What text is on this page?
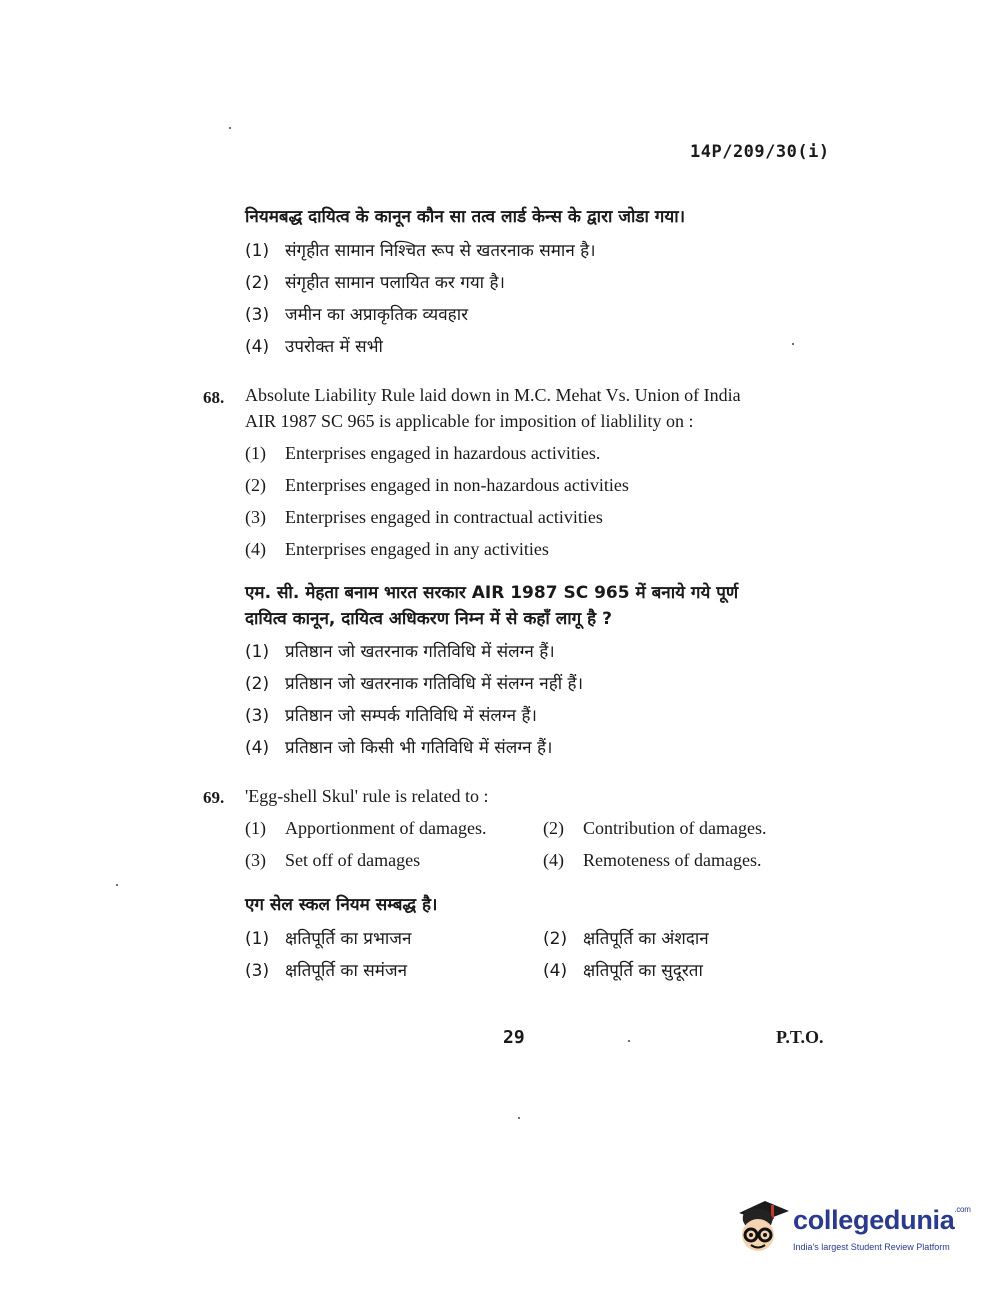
14P/209/30(i)
नियमबद्ध दायित्व के कानून कौन सा तत्व लार्ड केन्स के द्वारा जोडा गया।
(1) संगृहीत सामान निश्चित रूप से खतरनाक समान है।
(2) संगृहीत सामान पलायित कर गया है।
(3) जमीन का अप्राकृतिक व्यवहार
(4) उपरोक्त में सभी
68. Absolute Liability Rule laid down in M.C. Mehat Vs. Union of India
AIR 1987 SC 965 is applicable for imposition of liablility on :
(1) Enterprises engaged in hazardous activities.
(2) Enterprises engaged in non-hazardous activities
(3) Enterprises engaged in contractual activities
(4) Enterprises engaged in any activities
एम. सी. मेहता बनाम भारत सरकार AIR 1987 SC 965 में बनाये गये पूर्ण
दायित्व कानून, दायित्व अधिकरण निम्न में से कहाँ लागू है ?
(1) प्रतिष्ठान जो खतरनाक गतिविधि में संलग्न हैं।
(2) प्रतिष्ठान जो खतरनाक गतिविधि में संलग्न नहीं हैं।
(3) प्रतिष्ठान जो सम्पर्क गतिविधि में संलग्न हैं।
(4) प्रतिष्ठान जो किसी भी गतिविधि में संलग्न हैं।
69. 'Egg-shell Skul' rule is related to :
(1) Apportionment of damages.	(2) Contribution of damages.
(3) Set off of damages	(4) Remoteness of damages.
एग सेल स्कल नियम सम्बद्ध है।
(1) क्षतिपूर्ति का प्रभाजन	(2) क्षतिपूर्ति का अंशदान
(3) क्षतिपूर्ति का समंजन	(4) क्षतिपूर्ति का सुदूरता
29	P.T.O.
collegedunia$^{.com}$
India's largest Student Review Platform
